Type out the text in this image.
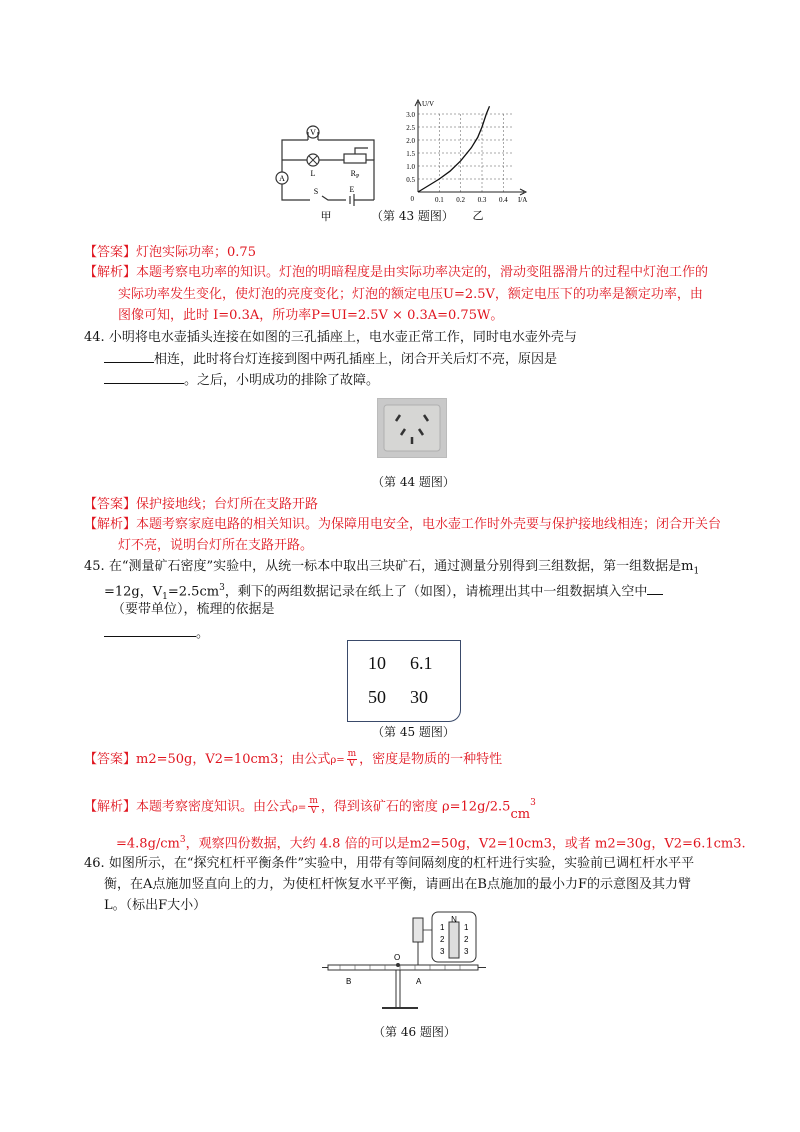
V
A
L	$R_P$
S	E
甲
0.5
1.0
1.5
2.0
2.5
3.0
0.1 0.2 0.3 0.4
U/V
I/A
0
乙
（第 43 题图）
【答案】灯泡实际功率；0.75
【解析】本题考察电功率的知识。灯泡的明暗程度是由实际功率决定的，滑动变阻器滑片的过程中灯泡工作的
实际功率发生变化，使灯泡的亮度变化；灯泡的额定电压U=2.5V，额定电压下的功率是额定功率，由
图像可知，此时 I=0.3A，所功率P=UI=2.5V × 0.3A=0.75W。
44. 小明将电水壶插头连接在如图的三孔插座上，电水壶正常工作，同时电水壶外壳与
相连，此时将台灯连接到图中两孔插座上，闭合开关后灯不亮，原因是
。之后，小明成功的排除了故障。
（第 44 题图）
【答案】保护接地线；台灯所在支路开路
【解析】本题考察家庭电路的相关知识。为保障用电安全，电水壶工作时外壳要与保护接地线相连；闭合开关台
灯不亮，说明台灯所在支路开路。
45. 在“测量矿石密度”实验中，从统一标本中取出三块矿石，通过测量分别得到三组数据，第一组数据是$m_1$
=12g，$V_1=2.5cm^3$，剩下的两组数据记录在纸上了（如图），请梳理出其中一组数据填入空中
（要带单位），梳理的依据是
。
10 6.1
50 30
（第 45 题图）
【答案】m2=50g，V2=10cm3；由公式$\rho= \frac{m}{V}$ ，密度是物质的一种特性
【解析】本题考察密度知识。由公式$\rho= \frac{m}{V}$ ，得到该矿石的密度 $\rho=12g/2.5cm^3$
$=4.8g/cm^3$，观察四份数据，大约 4.8 倍的可以是m2=50g，V2=10cm3，或者 m2=30g，V2=6.1cm3.
46. 如图所示，在“探究杠杆平衡条件”实验中，用带有等间隔刻度的杠杆进行实验，实验前已调杠杆水平平
衡，在A点施加竖直向上的力，为使杠杆恢复水平平衡，请画出在B点施加的最小力F的示意图及其力臂
L。（标出F大小）
N
1
2
3
1
2
3
B
O
A
（第 46 题图）
